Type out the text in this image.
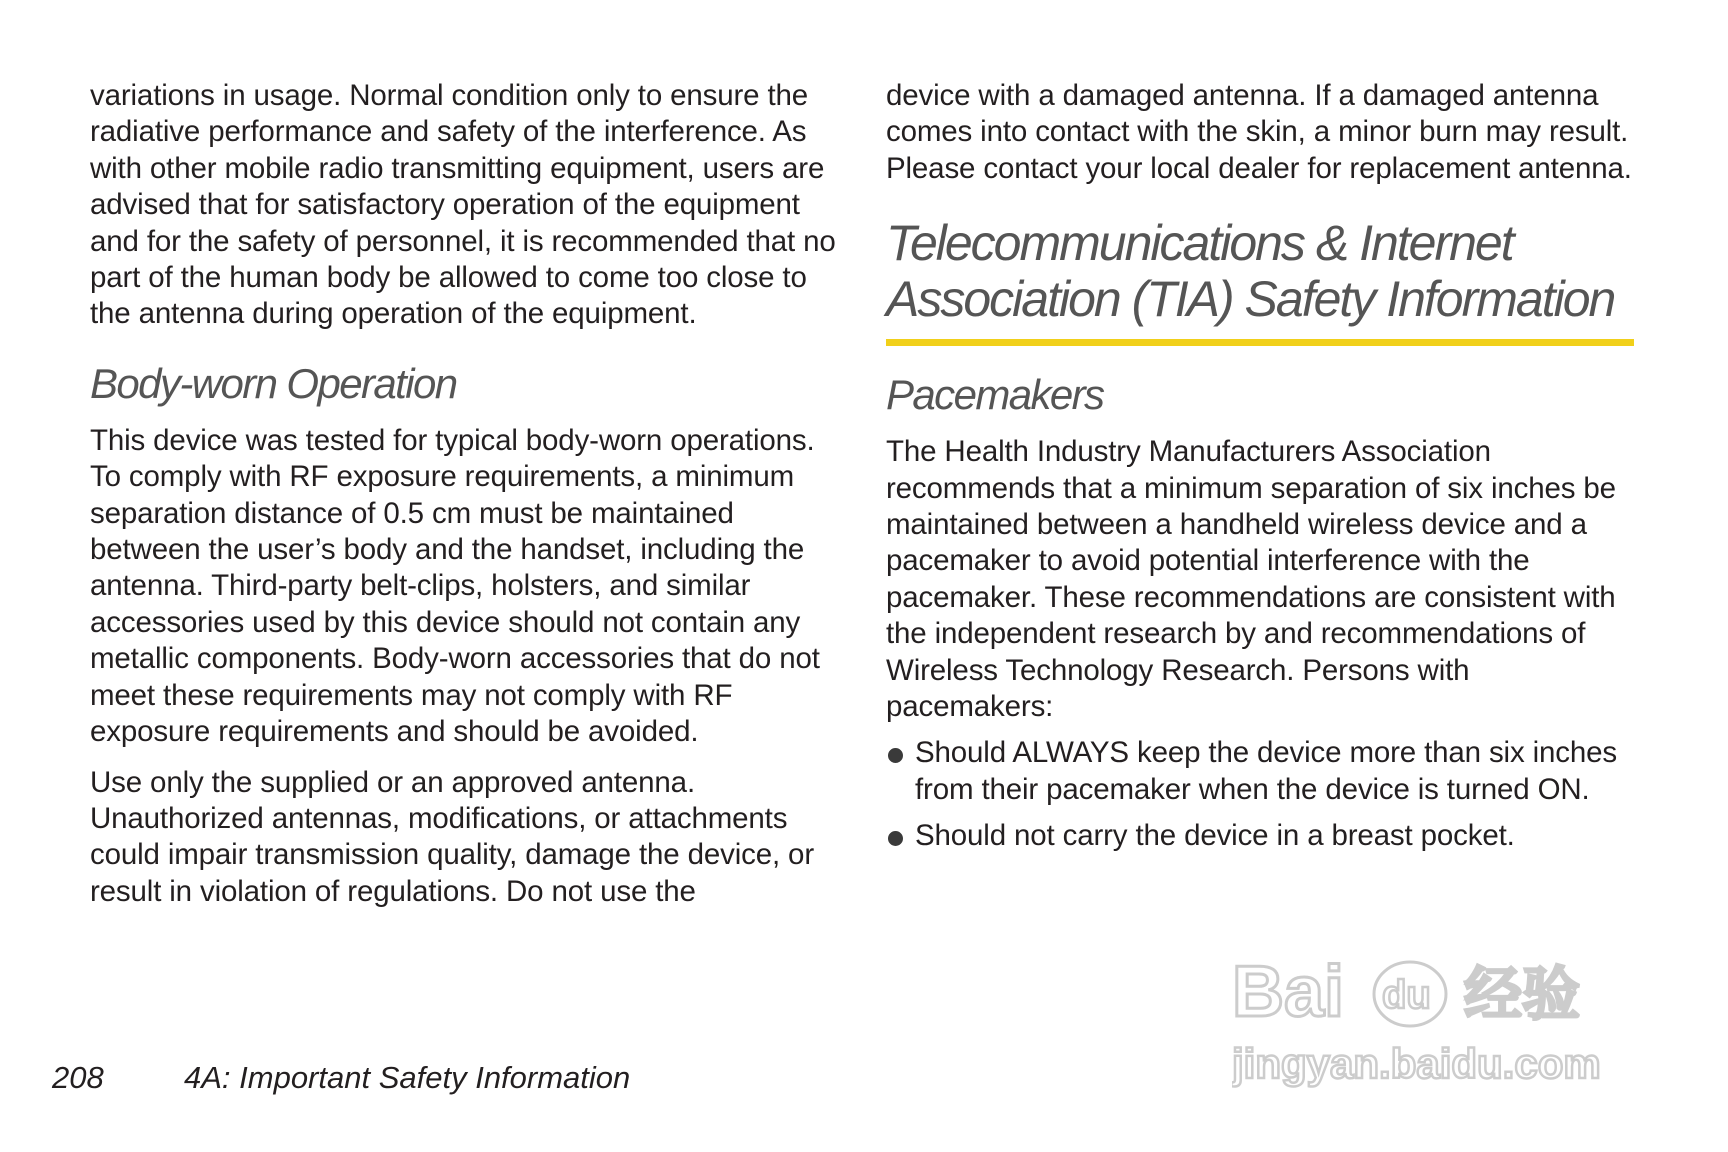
variations in usage. Normal condition only to ensure the radiative performance and safety of the interference. As with other mobile radio transmitting equipment, users are advised that for satisfactory operation of the equipment and for the safety of personnel, it is recommended that no part of the human body be allowed to come too close to the antenna during operation of the equipment.

Body-worn Operation

This device was tested for typical body-worn operations. To comply with RF exposure requirements, a minimum separation distance of 0.5 cm must be maintained between the user’s body and the handset, including the antenna. Third-party belt-clips, holsters, and similar accessories used by this device should not contain any metallic components. Body-worn accessories that do not meet these requirements may not comply with RF exposure requirements and should be avoided.

Use only the supplied or an approved antenna. Unauthorized antennas, modifications, or attachments could impair transmission quality, damage the device, or result in violation of regulations. Do not use the

device with a damaged antenna. If a damaged antenna comes into contact with the skin, a minor burn may result. Please contact your local dealer for replacement antenna.

Telecommunications & Internet
Association (TIA) Safety Information
Pacemakers

The Health Industry Manufacturers Association recommends that a minimum separation of six inches be maintained between a handheld wireless device and a pacemaker to avoid potential interference with the pacemaker. These recommendations are consistent with the independent research by and recommendations of Wireless Technology Research. Persons with pacemakers:

Should ALWAYS keep the device more than six inches from their pacemaker when the device is turned ON.
Should not carry the device in a breast pocket.
208	4A: Important Safety Information
Bai du 经验
jingyan.baidu.com
